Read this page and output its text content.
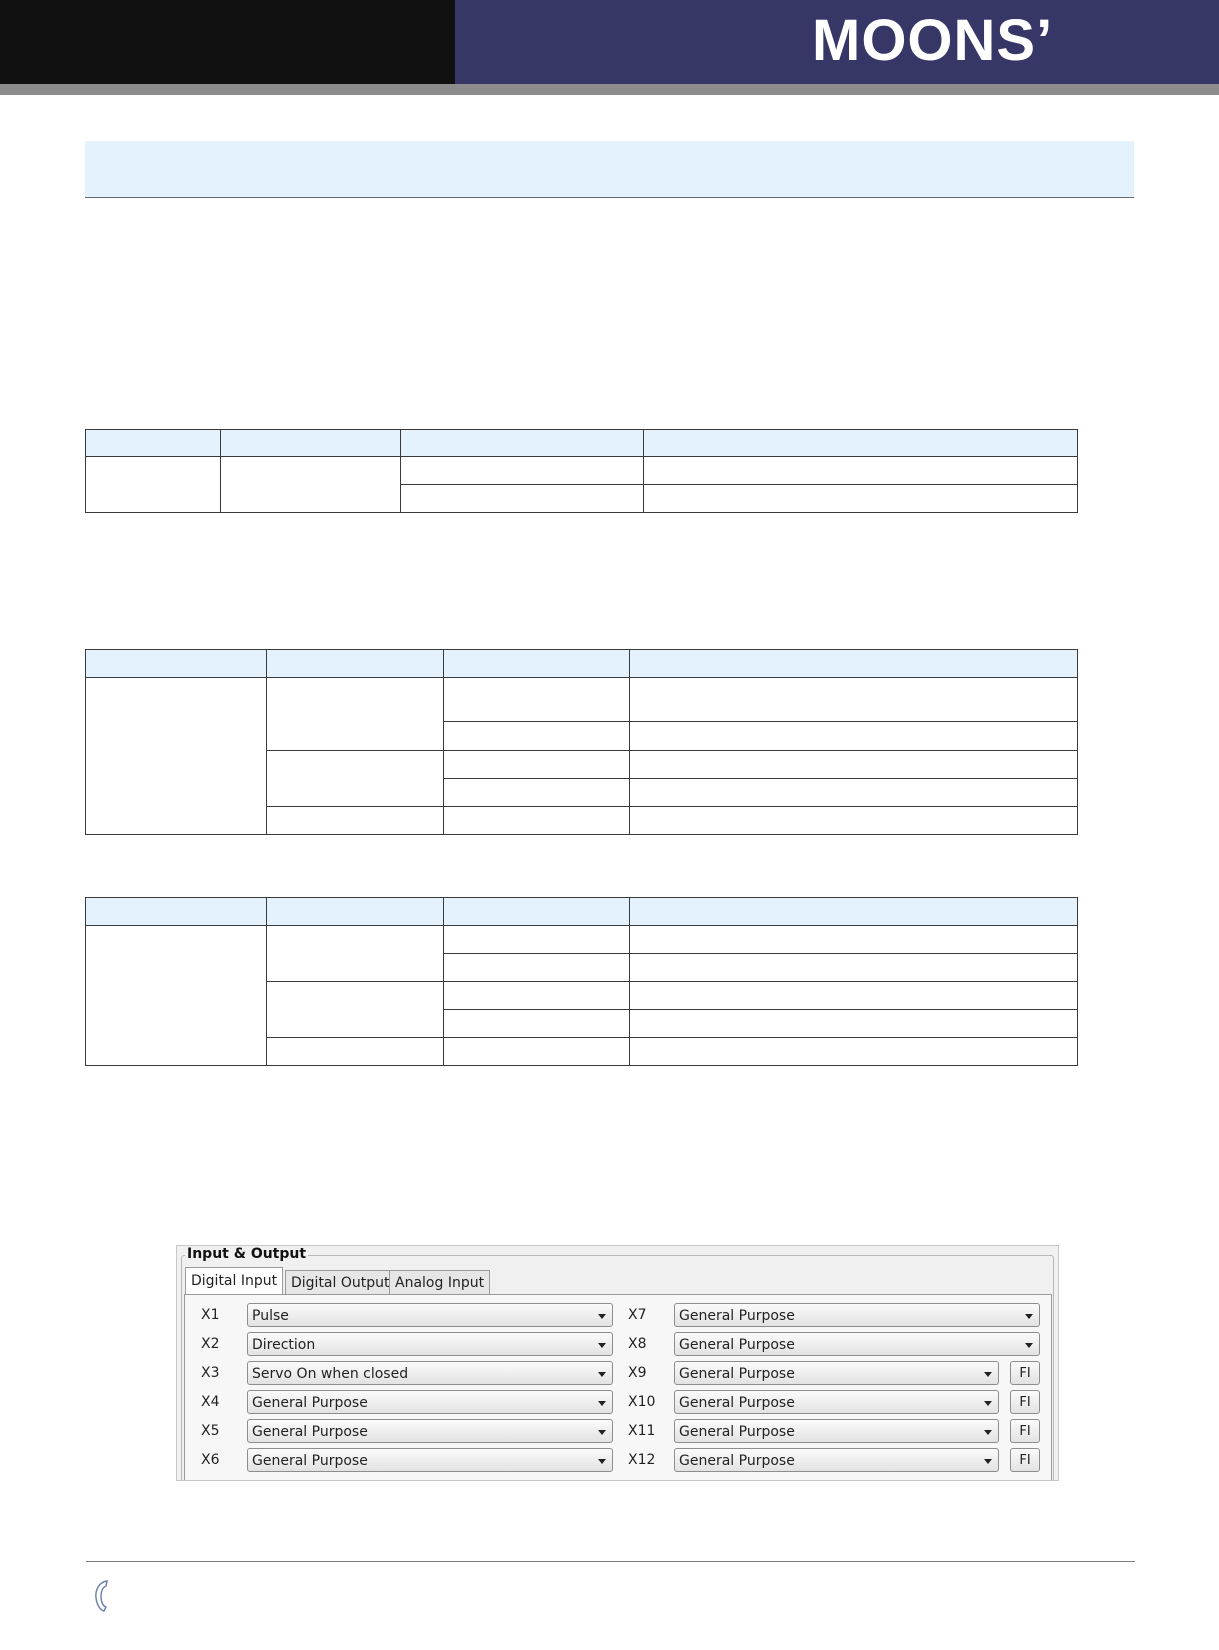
MOONS’

Input & Output
Digital Input Digital Output Analog Input
X1	Pulse
X2	Direction
X3	Servo On when closed
X4	General Purpose
X5	General Purpose
X6	General Purpose
X7	General Purpose
X8	General Purpose
X9	General Purpose	FI
X10	General Purpose	FI
X11	General Purpose	FI
X12	General Purpose	FI
